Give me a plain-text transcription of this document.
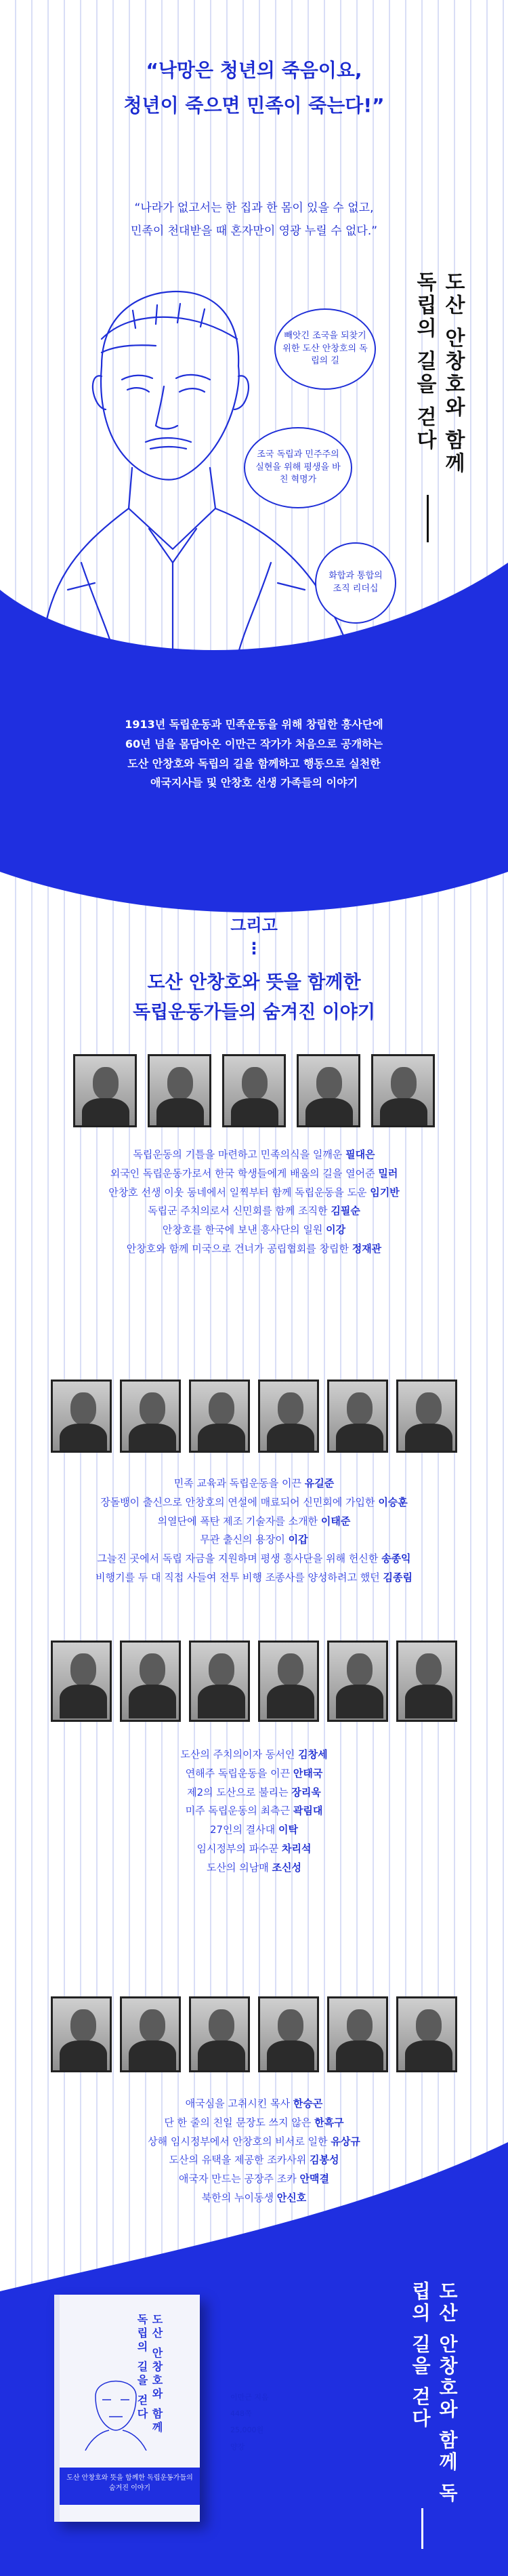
“낙망은 청년의 죽음이요,
청년이 죽으면 민족이 죽는다!”
“나라가 없고서는 한 집과 한 몸이 있을 수 없고,
민족이 천대받을 때 혼자만이 영광 누릴 수 없다.”
빼앗긴 조국을 되찾기 위한 도산 안창호의 독립의 길
조국 독립과 민주주의 실현을 위해 평생을 바친 혁명가
화합과 통합의 조직 리더십
도산 안창호와 함께 독립의 길을 걷다
1913년 독립운동과 민족운동을 위해 창립한 흥사단에
60년 넘을 몸담아온 이만근 작가가 처음으로 공개하는
도산 안창호와 독립의 길을 함께하고 행동으로 실천한
애국지사들 및 안창호 선생 가족들의 이야기
그리고
⋮
도산 안창호와 뜻을 함께한
독립운동가들의 숨겨진 이야기
독립운동의 기틀을 마련하고 민족의식을 일깨운 필대은
외국인 독립운동가로서 한국 학생들에게 배움의 길을 열어준 밀러
안창호 선생 이웃 동네에서 일찍부터 함께 독립운동을 도운 임기반
독립군 주치의로서 신민회를 함께 조직한 김필순
안창호를 한국에 보낸 흥사단의 일원 이강
안창호와 함께 미국으로 건너가 공립협회를 창립한 정재관
민족 교육과 독립운동을 이끈 유길준
장돌뱅이 출신으로 안창호의 연설에 매료되어 신민회에 가입한 이승훈
의열단에 폭탄 제조 기술자를 소개한 이태준
무관 출신의 용장이 이갑
그늘진 곳에서 독립 자금을 지원하며 평생 흥사단을 위해 헌신한 송종익
비행기를 두 대 직접 사들여 전투 비행 조종사를 양성하려고 했던 김종림
도산의 주치의이자 동서인 김창세
연해주 독립운동을 이끈 안태국
제2의 도산으로 불리는 장리욱
미주 독립운동의 최측근 곽림대
27인의 결사대 이탁
임시정부의 파수꾼 차리석
도산의 의남매 조신성
애국심을 고취시킨 목사 한승곤
단 한 줄의 친일 문장도 쓰지 않은 한흑구
상해 임시정부에서 안창호의 비서로 일한 유상규
도산의 유택을 제공한 조카사위 김봉성
애국자 만드는 공장주 조카 안맥결
북한의 누이동생 안신호
도산 안창호와 함께 독립의 길을 걷다
도산 안창호와 뜻을 함께한 독립운동가들의 숨겨진 이야기
이만근 지음
448쪽
25,000원
양장	도산 안창호와 함께 독립의 길을 걷다
